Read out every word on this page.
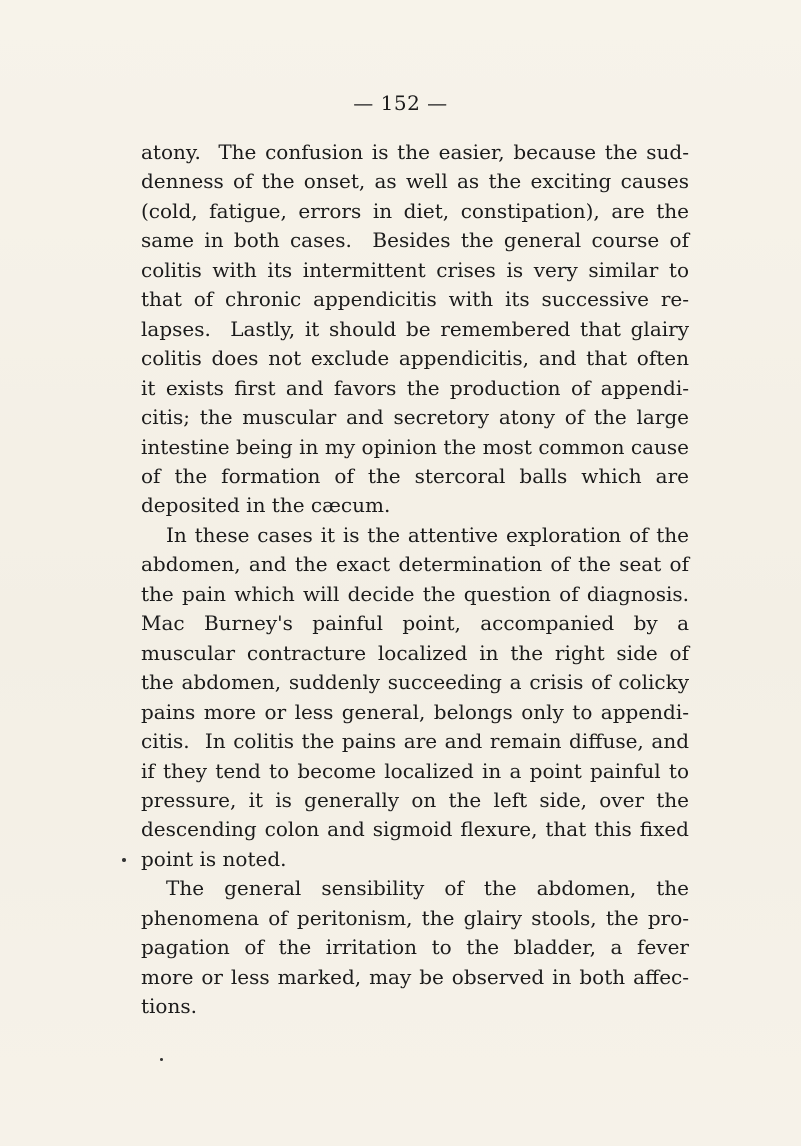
— 152 —
atony.  The confusion is the easier, because the sud-
denness of the onset, as well as the exciting causes
(cold, fatigue, errors in diet, constipation), are the
same in both cases.  Besides the general course of
colitis with its intermittent crises is very similar to
that of chronic appendicitis with its successive re-
lapses.  Lastly, it should be remembered that glairy
colitis does not exclude appendicitis, and that often
it exists first and favors the production of appendi-
citis; the muscular and secretory atony of the large
intestine being in my opinion the most common cause
of the formation of the stercoral balls which are
deposited in the cæcum.
In these cases it is the attentive exploration of the
abdomen, and the exact determination of the seat of
the pain which will decide the question of diagnosis.
Mac Burney's painful point, accompanied by a
muscular contracture localized in the right side of
the abdomen, suddenly succeeding a crisis of colicky
pains more or less general, belongs only to appendi-
citis.  In colitis the pains are and remain diffuse, and
if they tend to become localized in a point painful to
pressure, it is generally on the left side, over the
descending colon and sigmoid flexure, that this fixed
point is noted.
The general sensibility of the abdomen, the
phenomena of peritonism, the glairy stools, the pro-
pagation of the irritation to the bladder, a fever
more or less marked, may be observed in both affec-
tions.
